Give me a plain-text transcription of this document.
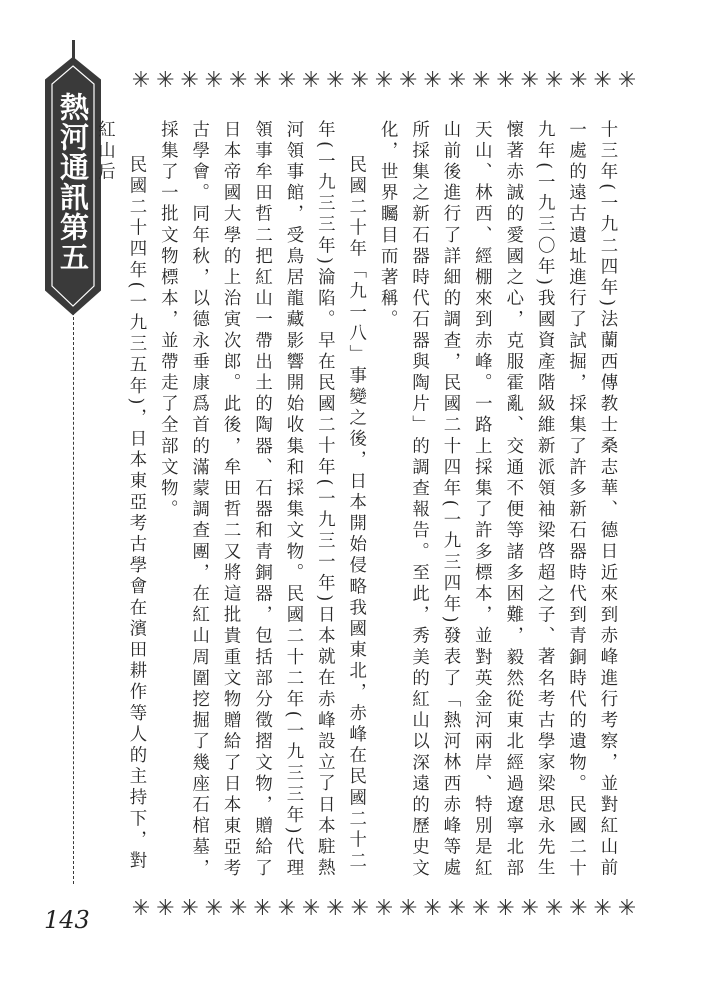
熱河通訊第五十九期
✳ ✳ ✳ ✳ ✳ ✳ ✳ ✳ ✳ ✳ ✳ ✳ ✳ ✳ ✳ ✳ ✳ ✳ ✳ ✳ ✳

十三年(一九二四年)法蘭西傳教士桑志華、德日近來到赤峰進行考察，並對紅山前一處的遠古遺址進行了試掘，採集了許多新石器時代到青銅時代的遺物。民國二十九年(一九三〇年)我國資產階級維新派領袖梁啓超之子、著名考古學家梁思永先生懷著赤誠的愛國之心，克服霍亂、交通不便等諸多困難，毅然從東北經過遼寧北部天山、林西、經棚來到赤峰。一路上採集了許多標本，並對英金河兩岸、特別是紅山前後進行了詳細的調查，民國二十四年(一九三四年)發表了「熱河林西赤峰等處所採集之新石器時代石器與陶片」的調查報告。至此，秀美的紅山以深遠的歷史文化，世界矚目而著稱。

民國二十年「九一八」事變之後，日本開始侵略我國東北，赤峰在民國二十二年(一九三三年)淪陷。早在民國二十年(一九三一年)日本就在赤峰設立了日本駐熱河領事館，受鳥居龍藏影響開始收集和採集文物。民國二十二年(一九三三年)代理領事牟田哲二把紅山一帶出土的陶器、石器和青銅器，包括部分徵摺文物，贈給了日本帝國大學的上治寅次郎。此後，牟田哲二又將這批貴重文物贈給了日本東亞考古學會。同年秋，以德永垂康爲首的滿蒙調查團，在紅山周圍挖掘了幾座石棺墓，採集了一批文物標本，並帶走了全部文物。

民國二十四年(一九三五年)，日本東亞考古學會在濱田耕作等人的主持下，對紅山后

✳ ✳ ✳ ✳ ✳ ✳ ✳ ✳ ✳ ✳ ✳ ✳ ✳ ✳ ✳ ✳ ✳ ✳ ✳ ✳ ✳
143
